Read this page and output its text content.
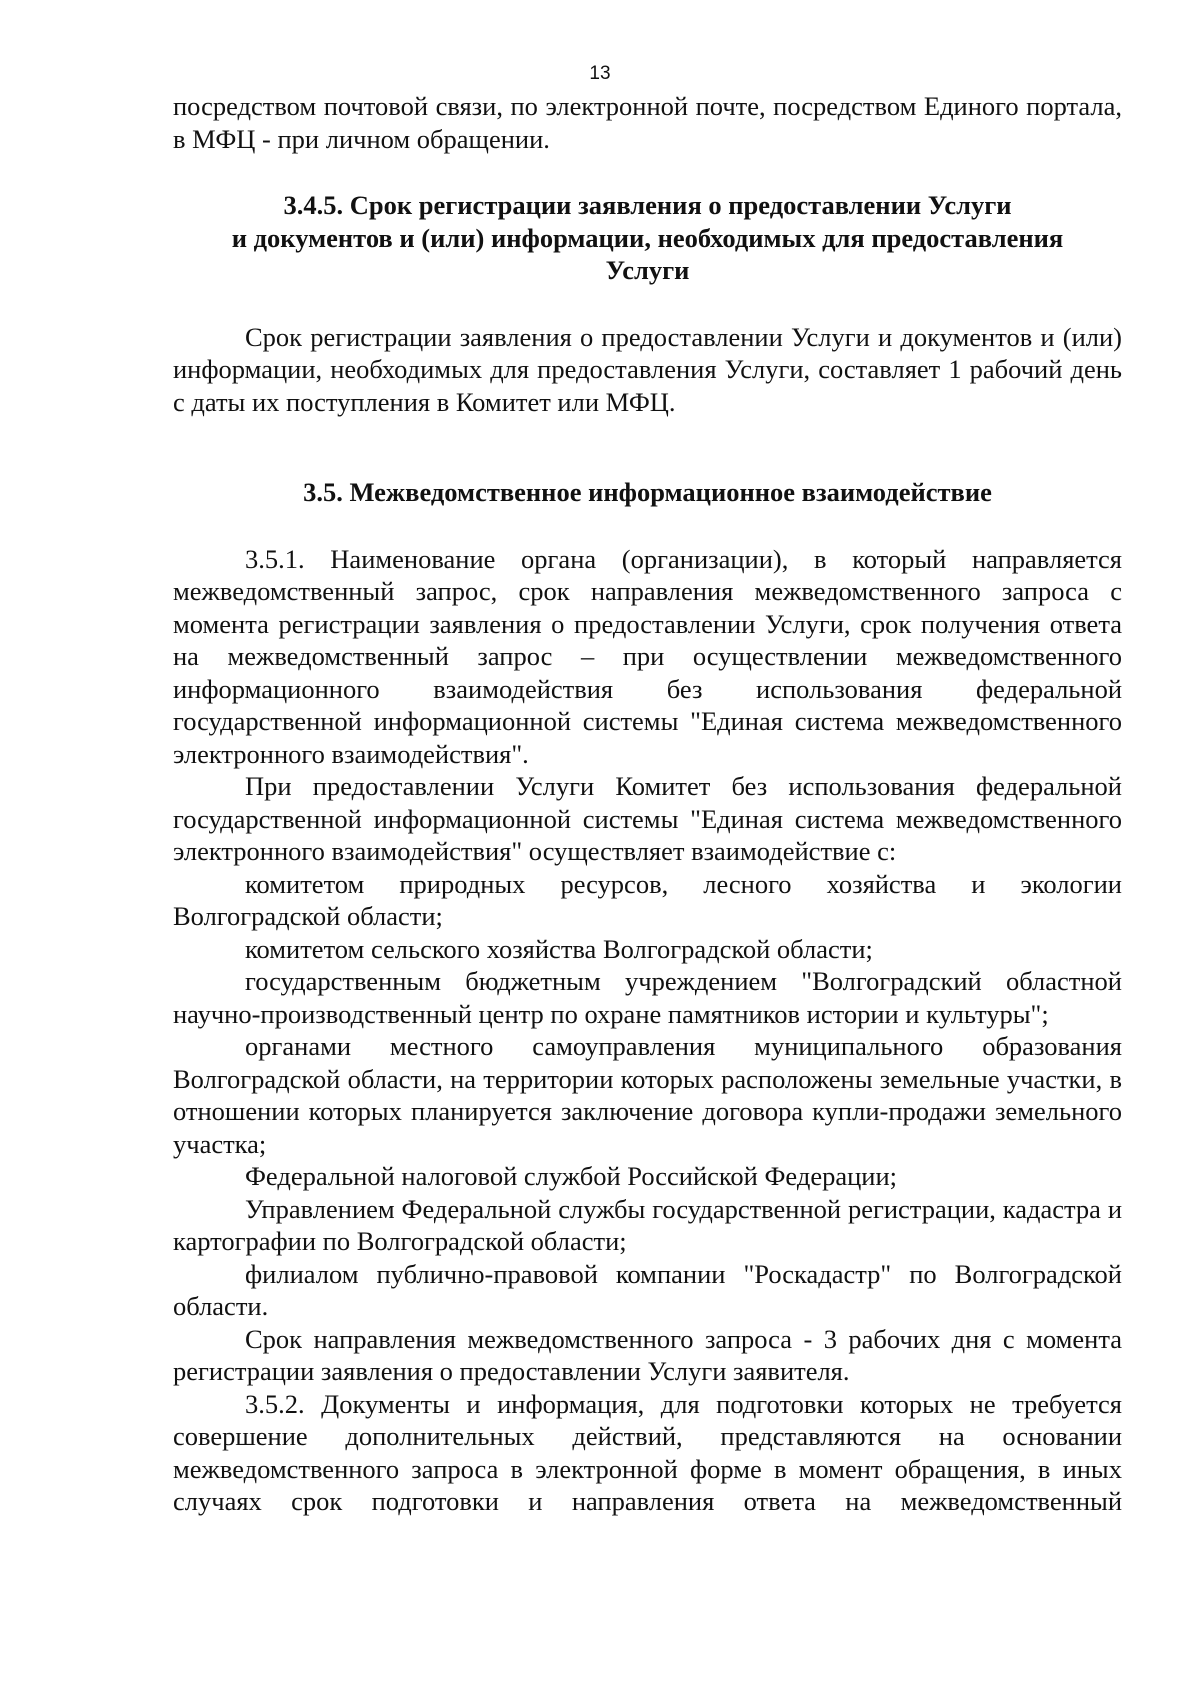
13

посредством почтовой связи, по электронной почте, посредством Единого портала, в МФЦ - при личном обращении.

3.4.5. Срок регистрации заявления о предоставлении Услуги
и документов и (или) информации, необходимых для предоставления
Услуги

Срок регистрации заявления о предоставлении Услуги и документов и (или) информации, необходимых для предоставления Услуги, составляет 1 рабочий день с даты их поступления в Комитет или МФЦ.

3.5. Межведомственное информационное взаимодействие

3.5.1. Наименование органа (организации), в который направляется межведомственный запрос, срок направления межведомственного запроса с момента регистрации заявления о предоставлении Услуги, срок получения ответа на межведомственный запрос – при осуществлении межведомственного информационного взаимодействия без использования федеральной государственной информационной системы "Единая система межведомственного электронного взаимодействия".

При предоставлении Услуги Комитет без использования федеральной государственной информационной системы "Единая система межведомственного электронного взаимодействия" осуществляет взаимодействие с:

комитетом природных ресурсов, лесного хозяйства и экологии Волгоградской области;

комитетом сельского хозяйства Волгоградской области;

государственным бюджетным учреждением "Волгоградский областной научно-производственный центр по охране памятников истории и культуры";

органами местного самоуправления муниципального образования Волгоградской области, на территории которых расположены земельные участки, в отношении которых планируется заключение договора купли-продажи земельного участка;

Федеральной налоговой службой Российской Федерации;

Управлением Федеральной службы государственной регистрации, кадастра и картографии по Волгоградской области;

филиалом публично-правовой компании "Роскадастр" по Волгоградской области.

Срок направления межведомственного запроса - 3 рабочих дня с момента регистрации заявления о предоставлении Услуги заявителя.

3.5.2. Документы и информация, для подготовки которых не требуется совершение дополнительных действий, представляются на основании межведомственного запроса в электронной форме в момент обращения, в иных случаях срок подготовки и направления ответа на межведомственный
